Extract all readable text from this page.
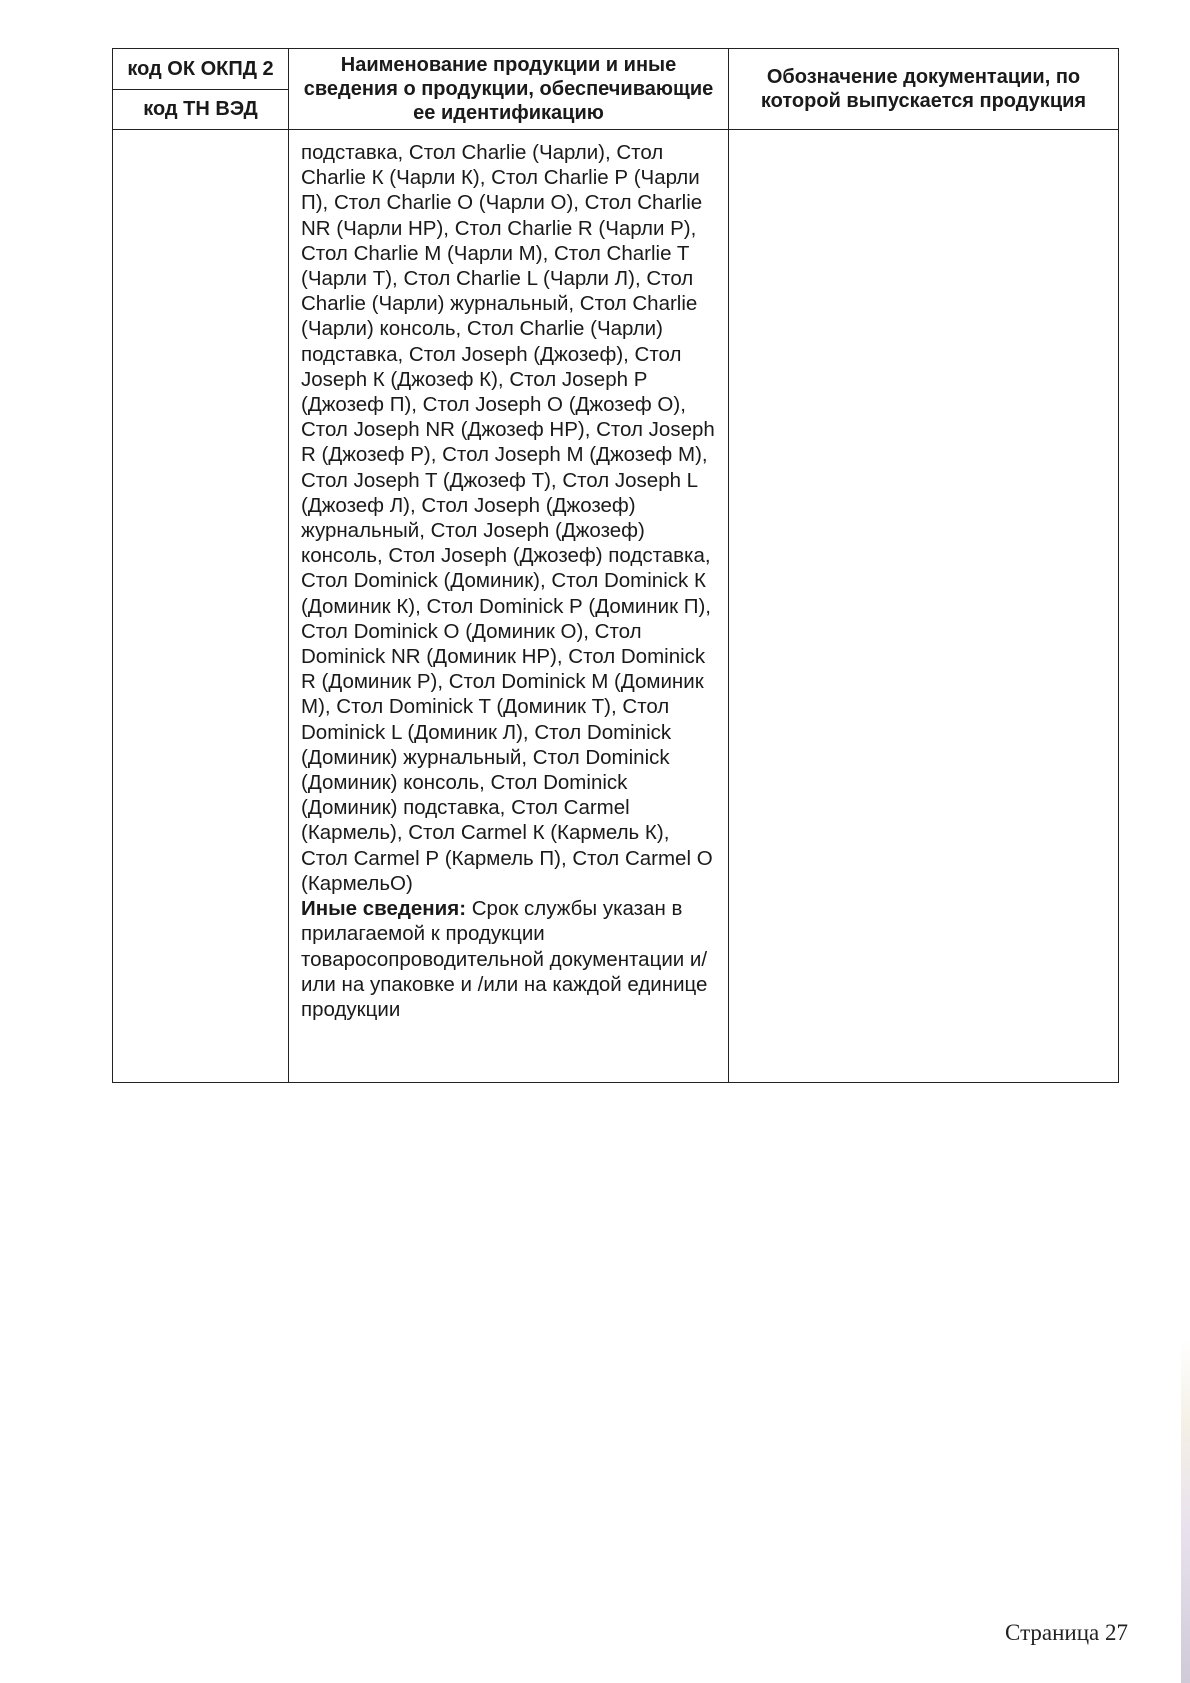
код ОК ОКПД 2	Наименование продукции и иные сведения о продукции, обеспечивающие ее идентификацию	Обозначение документации, по которой выпускается продукция
код ТН ВЭД		
	подставка, Стол Charlie (Чарли), Стол Charlie К (Чарли К), Стол Charlie Р (Чарли П), Стол Charlie О (Чарли О), Стол Charlie NR (Чарли НР), Стол Charlie R (Чарли Р), Стол Charlie M (Чарли М), Стол Charlie T (Чарли Т), Стол Charlie L (Чарли Л), Стол Charlie (Чарли) журнальный, Стол Charlie (Чарли) консоль, Стол Charlie (Чарли) подставка, Стол Joseph (Джозеф), Стол Joseph К (Джозеф К), Стол Joseph Р (Джозеф П), Стол Joseph О (Джозеф О), Стол Joseph NR (Джозеф НР), Стол Joseph R (Джозеф Р), Стол Joseph M (Джозеф М), Стол Joseph T (Джозеф Т), Стол Joseph L (Джозеф Л), Стол Joseph (Джозеф) журнальный, Стол Joseph (Джозеф) консоль, Стол Joseph (Джозеф) подставка, Стол Dominick (Доминик), Стол Dominick К (Доминик К), Стол Dominick Р (Доминик П), Стол Dominick О (Доминик О), Стол Dominick NR (Доминик НР), Стол Dominick R (Доминик Р), Стол Dominick M (Доминик М), Стол Dominick T (Доминик Т), Стол Dominick L (Доминик Л), Стол Dominick (Доминик) журнальный, Стол Dominick (Доминик) консоль, Стол Dominick (Доминик) подставка, Стол Carmel (Кармель), Стол Carmel К (Кармель К), Стол Carmel Р (Кармель П), Стол Carmel О (КармельО)
Иные сведения: Срок службы указан в прилагаемой к продукции товаросопроводительной документации и/или на упаковке и /или на каждой единице продукции	
Страница 27
